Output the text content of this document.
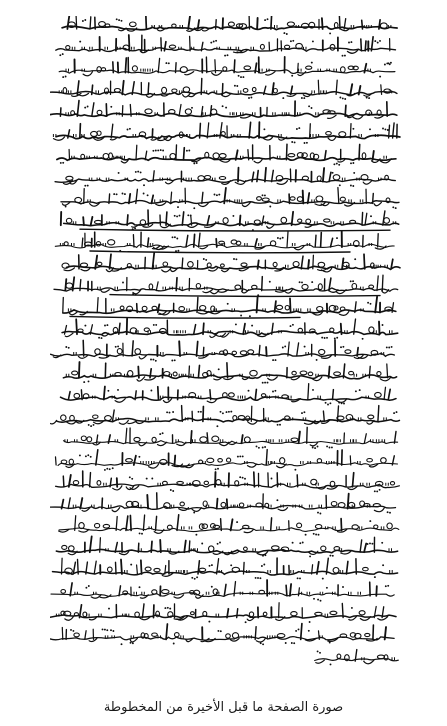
صورة الصفحة ما قبل الأخيرة من المخطوطة
